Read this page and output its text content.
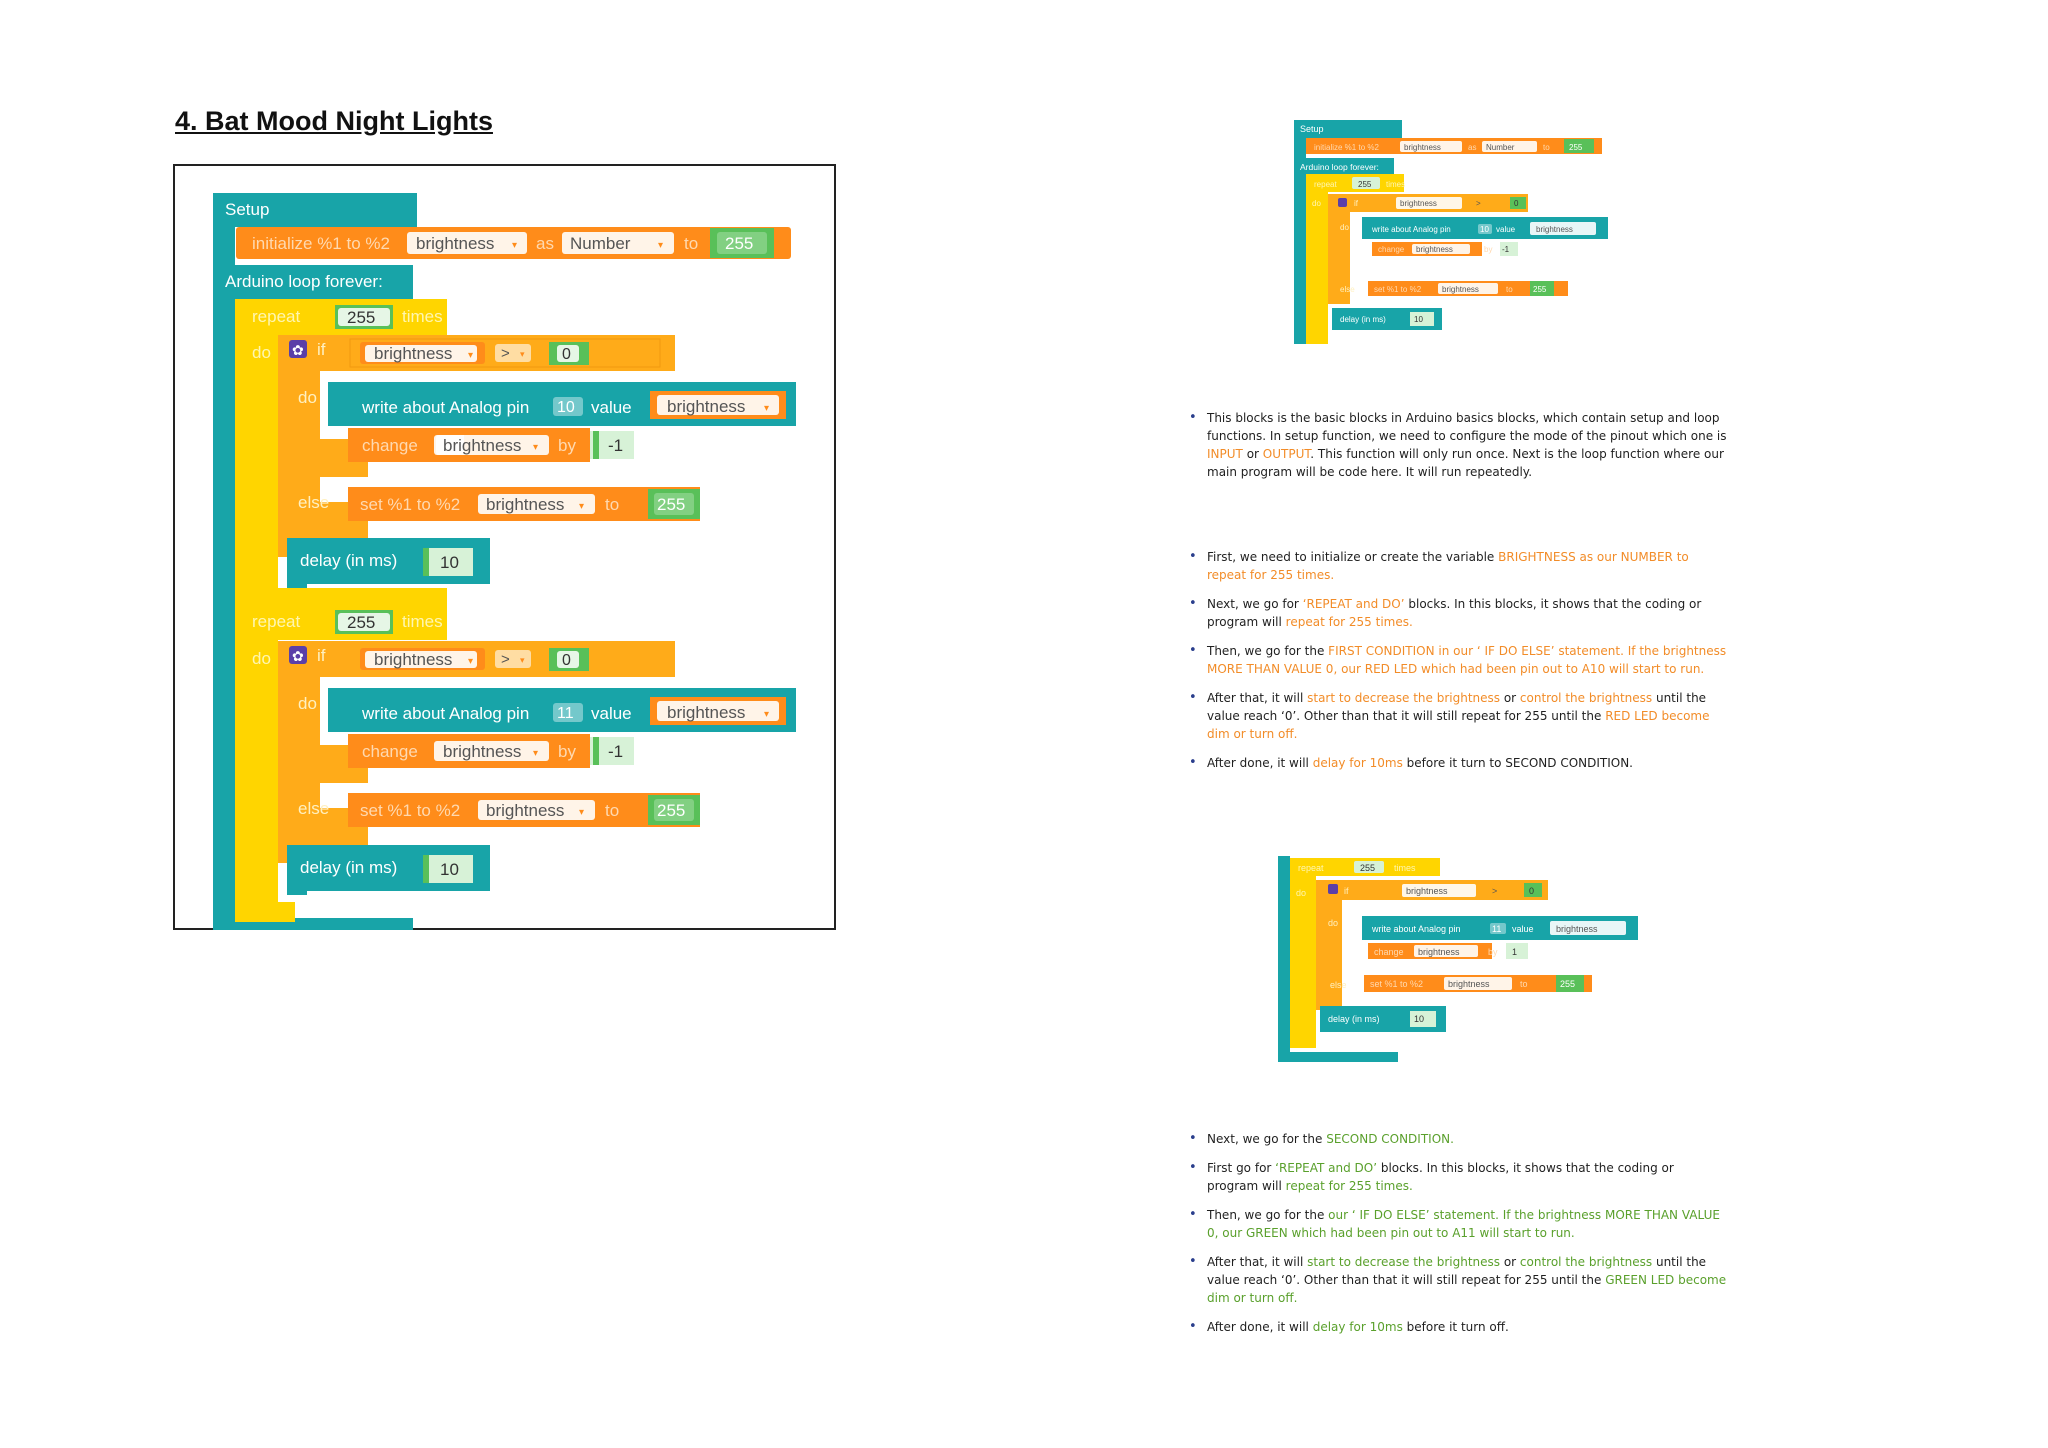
4. Bat Mood Night Lights
Setup
initialize %1 to %2 brightness ▾ as Number	▾ to 255
Arduino loop forever:
repeat	255 times
do ✿ if	brightness ▾ > ▾ 0
do
else
write about Analog pin 10 value brightness ▾
change brightness ▾ by -1
set %1 to %2 brightness ▾ to 255
delay (in ms)	10
repeat	255 times
do ✿ if	brightness ▾ > ▾ 0
do
else
write about Analog pin 11 value brightness ▾
change brightness ▾ by -1
set %1 to %2 brightness ▾ to 255
delay (in ms)	10
Setup
initialize %1 to %2	brightness	as Number	to 255
Arduino loop forever:
repeat	255 times
do	if	brightness	>	0
do	write about Analog pin	10 value	brightness
change brightness	by -1
else set %1 to %2	brightness	to	255
delay (in ms)	10
repeat	255 times
do	if	brightness	>	0
do
write about Analog pin	11 value brightness
change brightness	by 1
else	set %1 to %2	brightness	to	255
delay (in ms)	10
• This blocks is the basic blocks in Arduino basics blocks, which contain setup and loop functions. In setup function, we need to configure the mode of the pinout which one is INPUT or OUTPUT. This function will only run once. Next is the loop function where our main program will be code here. It will run repeatedly.
• First, we need to initialize or create the variable BRIGHTNESS as our NUMBER to repeat for 255 times.
• Next, we go for ‘REPEAT and DO’ blocks. In this blocks, it shows that the coding or program will repeat for 255 times.
• Then, we go for the FIRST CONDITION in our ‘ IF DO ELSE’ statement. If the brightness MORE THAN VALUE 0, our RED LED which had been pin out to A10 will start to run.
• After that, it will start to decrease the brightness or control the brightness until the value reach ‘0’. Other than that it will still repeat for 255 until the RED LED become dim or turn off.
• After done, it will delay for 10ms before it turn to SECOND CONDITION.
• Next, we go for the SECOND CONDITION.
• First go for ‘REPEAT and DO’ blocks. In this blocks, it shows that the coding or program will repeat for 255 times.
• Then, we go for the our ‘ IF DO ELSE’ statement. If the brightness MORE THAN VALUE 0, our GREEN which had been pin out to A11 will start to run.
• After that, it will start to decrease the brightness or control the brightness until the value reach ‘0’. Other than that it will still repeat for 255 until the GREEN LED become dim or turn off.
• After done, it will delay for 10ms before it turn off.
